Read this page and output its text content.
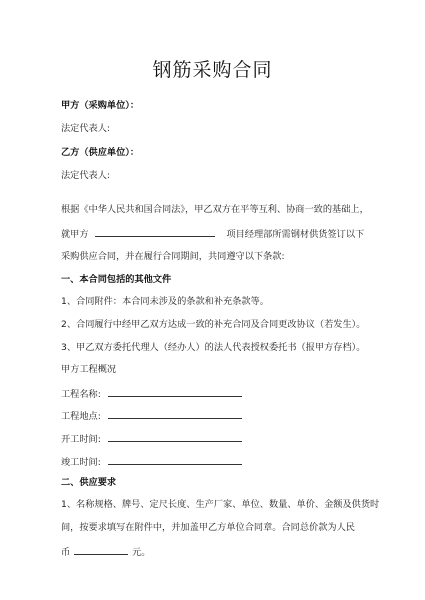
钢筋采购合同
甲方（采购单位）：
法定代表人:
乙方（供应单位）：
法定代表人:
根据《中华人民共和国合同法》，甲乙双方在平等互利、协商一致的基础上，
就甲方	项目经理部所需钢材供货签订以下
采购供应合同，并在履行合同期间，共同遵守以下条款:
一、本合同包括的其他文件
1、合同附件：本合同未涉及的条款和补充条款等。
2、合同履行中经甲乙双方达成一致的补充合同及合同更改协议（若发生）。
3、甲乙双方委托代理人（经办人）的法人代表授权委托书（报甲方存档）。
甲方工程概况
工程名称:
工程地点:
开工时间:
竣工时间:
二、供应要求
1、名称规格、牌号、定尺长度、生产厂家、单位、数量、单价、金额及供货时
间，按要求填写在附件中，并加盖甲乙方单位合同章。合同总价款为人民
币	元。
